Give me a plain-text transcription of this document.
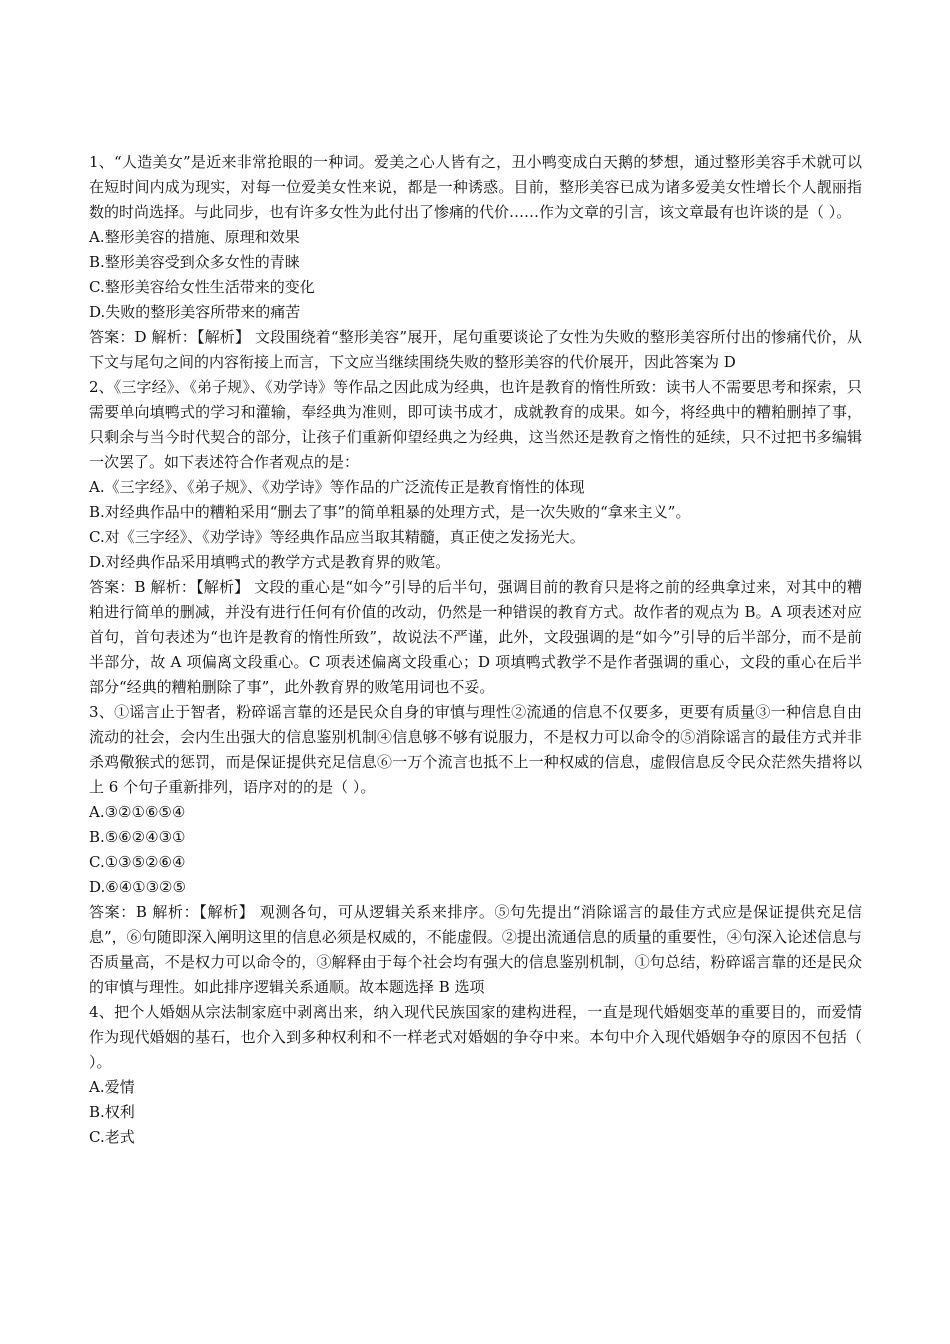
1、“人造美女”是近来非常抢眼的一种词。爱美之心人皆有之，丑小鸭变成白天鹅的梦想，通过整形美容手术就可以在短时间内成为现实，对每一位爱美女性来说，都是一种诱惑。目前，整形美容已成为诸多爱美女性增长个人靓丽指数的时尚选择。与此同步，也有许多女性为此付出了惨痛的代价……作为文章的引言，该文章最有也许谈的是（ ）。

A.整形美容的措施、原理和效果

B.整形美容受到众多女性的青睐

C.整形美容给女性生活带来的变化

D.失败的整形美容所带来的痛苦

答案：D 解析：【解析】 文段围绕着“整形美容”展开，尾句重要谈论了女性为失败的整形美容所付出的惨痛代价，从下文与尾句之间的内容衔接上而言，下文应当继续围绕失败的整形美容的代价展开，因此答案为 D

2、《三字经》、《弟子规》、《劝学诗》等作品之因此成为经典，也许是教育的惰性所致：读书人不需要思考和探索，只需要单向填鸭式的学习和灌输，奉经典为准则，即可读书成才，成就教育的成果。如今，将经典中的糟粕删掉了事，只剩余与当今时代契合的部分，让孩子们重新仰望经典之为经典，这当然还是教育之惰性的延续，只不过把书多编辑一次罢了。如下表述符合作者观点的是：

A.《三字经》、《弟子规》、《劝学诗》等作品的广泛流传正是教育惰性的体现

B.对经典作品中的糟粕采用“删去了事”的简单粗暴的处理方式，是一次失败的“拿来主义”。

C.对《三字经》、《劝学诗》等经典作品应当取其精髓，真正使之发扬光大。

D.对经典作品采用填鸭式的教学方式是教育界的败笔。

答案：B 解析：【解析】 文段的重心是“如今”引导的后半句，强调目前的教育只是将之前的经典拿过来，对其中的糟粕进行简单的删减，并没有进行任何有价值的改动，仍然是一种错误的教育方式。故作者的观点为 B。A 项表述对应首句，首句表述为“也许是教育的惰性所致”，故说法不严谨，此外，文段强调的是“如今”引导的后半部分，而不是前半部分，故 A 项偏离文段重心。C 项表述偏离文段重心；D 项填鸭式教学不是作者强调的重心，文段的重心在后半部分“经典的糟粕删除了事”，此外教育界的败笔用词也不妥。

3、①谣言止于智者，粉碎谣言靠的还是民众自身的审慎与理性②流通的信息不仅要多，更要有质量③一种信息自由流动的社会，会内生出强大的信息鉴别机制④信息够不够有说服力，不是权力可以命令的⑤消除谣言的最佳方式并非杀鸡儆猴式的惩罚，而是保证提供充足信息⑥一万个流言也抵不上一种权威的信息，虚假信息反令民众茫然失措将以上 6 个句子重新排列，语序对的的是（ ）。

A.③②①⑥⑤④

B.⑤⑥②④③①

C.①③⑤②⑥④

D.⑥④①③②⑤

答案：B 解析：【解析】 观测各句，可从逻辑关系来排序。⑤句先提出“消除谣言的最佳方式应是保证提供充足信息”，⑥句随即深入阐明这里的信息必须是权威的，不能虚假。②提出流通信息的质量的重要性，④句深入论述信息与否质量高，不是权力可以命令的，③解释由于每个社会均有强大的信息鉴别机制，①句总结，粉碎谣言靠的还是民众的审慎与理性。如此排序逻辑关系通顺。故本题选择 B 选项

4、把个人婚姻从宗法制家庭中剥离出来，纳入现代民族国家的建构进程，一直是现代婚姻变革的重要目的，而爱情作为现代婚姻的基石，也介入到多种权利和不一样老式对婚姻的争夺中来。本句中介入现代婚姻争夺的原因不包括（ ）。

A.爱情

B.权利

C.老式
